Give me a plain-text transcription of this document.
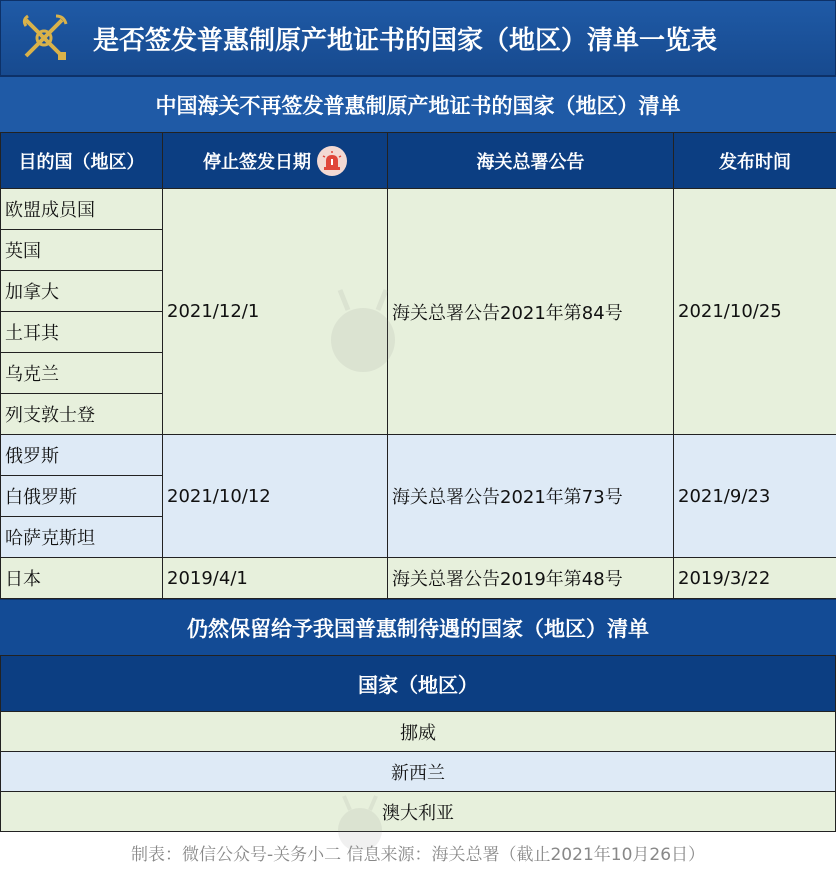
是否签发普惠制原产地证书的国家（地区）清单一览表
中国海关不再签发普惠制原产地证书的国家（地区）清单
目的国（地区）	停止签发日期	海关总署公告	发布时间
欧盟成员国	2021/12/1	海关总署公告2021年第84号	2021/10/25
英国			
加拿大			
土耳其			
乌克兰			
列支敦士登			
俄罗斯	2021/10/12	海关总署公告2021年第73号	2021/9/23
白俄罗斯			
哈萨克斯坦			
日本	2019/4/1	海关总署公告2019年第48号	2019/3/22
仍然保留给予我国普惠制待遇的国家（地区）清单
国家（地区）
挪威
新西兰
澳大利亚
制表：微信公众号-关务小二 信息来源：海关总署（截止2021年10月26日）
